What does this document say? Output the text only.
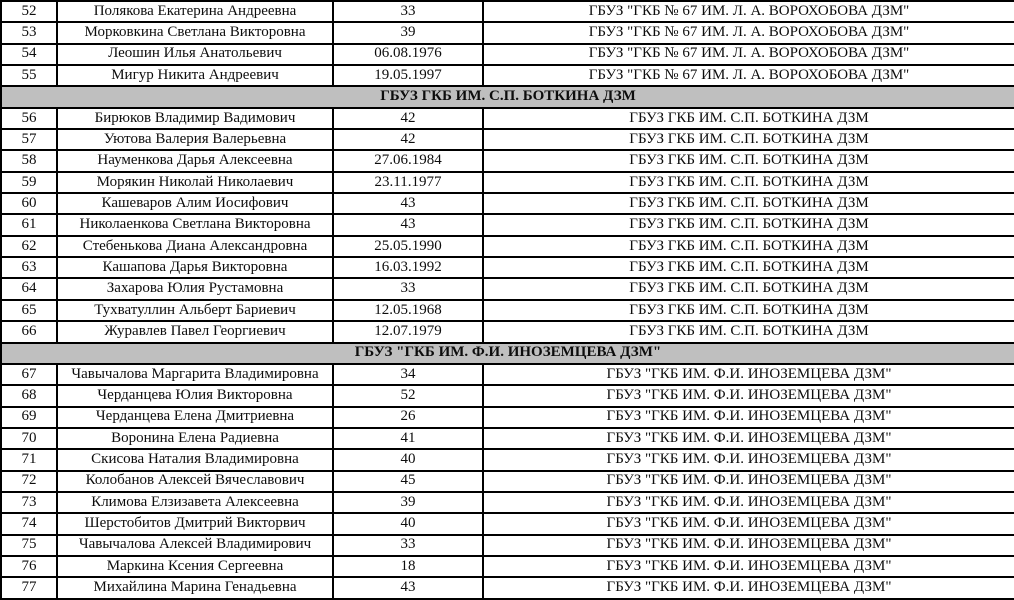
52	Полякова Екатерина Андреевна	33	ГБУЗ "ГКБ № 67 ИМ. Л. А. ВОРОХОБОВА ДЗМ"
53	Морковкина Светлана Викторовна	39	ГБУЗ "ГКБ № 67 ИМ. Л. А. ВОРОХОБОВА ДЗМ"
54	Леошин Илья Анатольевич	06.08.1976	ГБУЗ "ГКБ № 67 ИМ. Л. А. ВОРОХОБОВА ДЗМ"
55	Мигур Никита Андреевич	19.05.1997	ГБУЗ "ГКБ № 67 ИМ. Л. А. ВОРОХОБОВА ДЗМ"
ГБУЗ ГКБ ИМ. С.П. БОТКИНА ДЗМ			
56	Бирюков Владимир Вадимович	42	ГБУЗ ГКБ ИМ. С.П. БОТКИНА ДЗМ
57	Уютова Валерия Валерьевна	42	ГБУЗ ГКБ ИМ. С.П. БОТКИНА ДЗМ
58	Науменкова Дарья Алексеевна	27.06.1984	ГБУЗ ГКБ ИМ. С.П. БОТКИНА ДЗМ
59	Морякин Николай Николаевич	23.11.1977	ГБУЗ ГКБ ИМ. С.П. БОТКИНА ДЗМ
60	Кашеваров Алим Иосифович	43	ГБУЗ ГКБ ИМ. С.П. БОТКИНА ДЗМ
61	Николаенкова Светлана Викторовна	43	ГБУЗ ГКБ ИМ. С.П. БОТКИНА ДЗМ
62	Стебенькова Диана Александровна	25.05.1990	ГБУЗ ГКБ ИМ. С.П. БОТКИНА ДЗМ
63	Кашапова Дарья Викторовна	16.03.1992	ГБУЗ ГКБ ИМ. С.П. БОТКИНА ДЗМ
64	Захарова Юлия Рустамовна	33	ГБУЗ ГКБ ИМ. С.П. БОТКИНА ДЗМ
65	Тухватуллин Альберт Бариевич	12.05.1968	ГБУЗ ГКБ ИМ. С.П. БОТКИНА ДЗМ
66	Журавлев Павел Георгиевич	12.07.1979	ГБУЗ ГКБ ИМ. С.П. БОТКИНА ДЗМ
ГБУЗ "ГКБ ИМ. Ф.И. ИНОЗЕМЦЕВА ДЗМ"			
67	Чавычалова Маргарита Владимировна	34	ГБУЗ "ГКБ ИМ. Ф.И. ИНОЗЕМЦЕВА ДЗМ"
68	Черданцева Юлия Викторовна	52	ГБУЗ "ГКБ ИМ. Ф.И. ИНОЗЕМЦЕВА ДЗМ"
69	Черданцева Елена Дмитриевна	26	ГБУЗ "ГКБ ИМ. Ф.И. ИНОЗЕМЦЕВА ДЗМ"
70	Воронина Елена Радиевна	41	ГБУЗ "ГКБ ИМ. Ф.И. ИНОЗЕМЦЕВА ДЗМ"
71	Скисова Наталия Владимировна	40	ГБУЗ "ГКБ ИМ. Ф.И. ИНОЗЕМЦЕВА ДЗМ"
72	Колобанов Алексей Вячеславович	45	ГБУЗ "ГКБ ИМ. Ф.И. ИНОЗЕМЦЕВА ДЗМ"
73	Климова Елзизавета Алексеевна	39	ГБУЗ "ГКБ ИМ. Ф.И. ИНОЗЕМЦЕВА ДЗМ"
74	Шерстобитов Дмитрий Викторвич	40	ГБУЗ "ГКБ ИМ. Ф.И. ИНОЗЕМЦЕВА ДЗМ"
75	Чавычалова Алексей Владимирович	33	ГБУЗ "ГКБ ИМ. Ф.И. ИНОЗЕМЦЕВА ДЗМ"
76	Маркина Ксения Сергеевна	18	ГБУЗ "ГКБ ИМ. Ф.И. ИНОЗЕМЦЕВА ДЗМ"
77	Михайлина Марина Генадьевна	43	ГБУЗ "ГКБ ИМ. Ф.И. ИНОЗЕМЦЕВА ДЗМ"
